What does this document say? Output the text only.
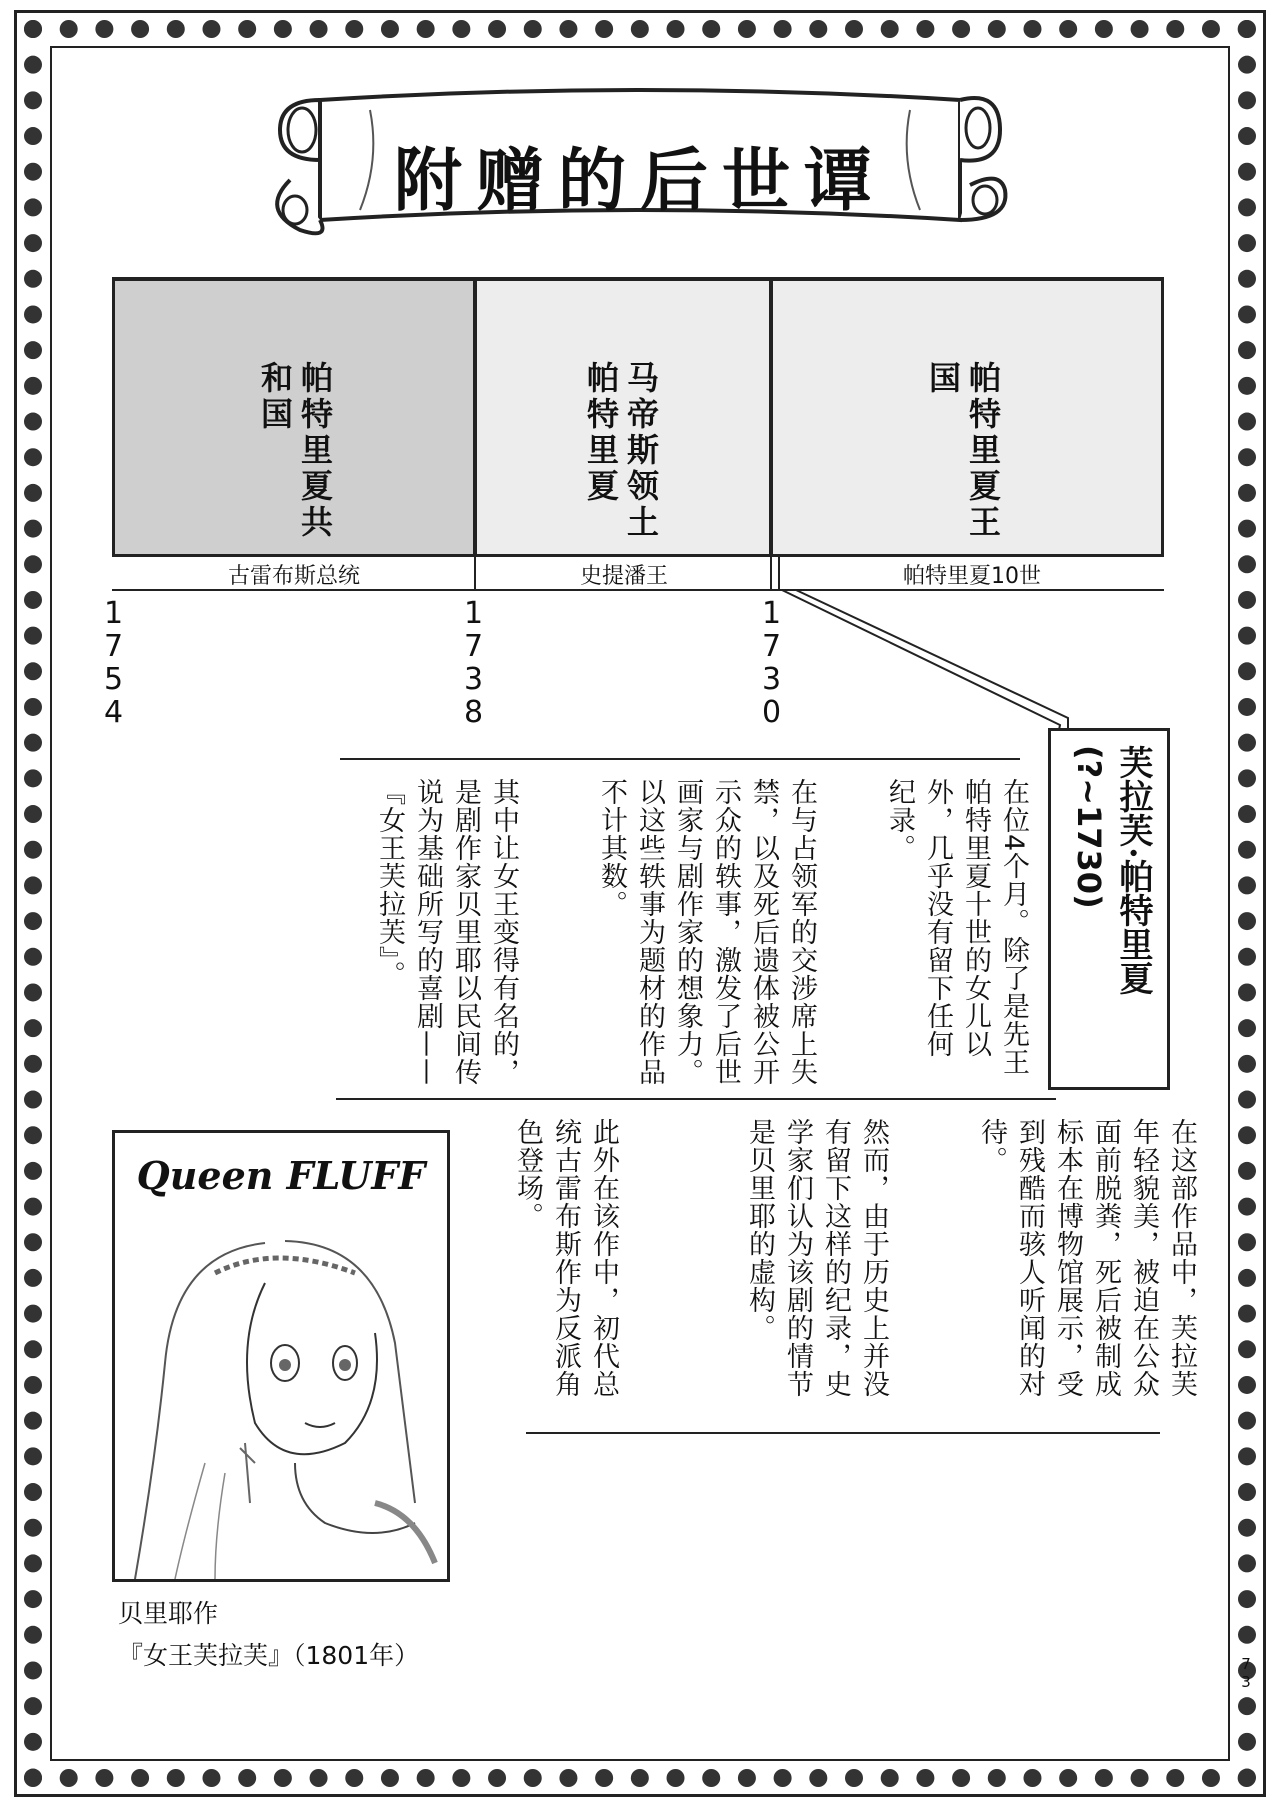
附赠的后世谭
帕特里夏共和国	马帝斯领土帕特里夏	帕特里夏王国
古雷布斯总统	史提潘王	帕特里夏10世
1754	1738	1730
芙拉芙·帕特里夏
(?~1730)
在位4个月。除了是先王帕特里夏十世的女儿以外，几乎没有留下任何纪录。
在与占领军的交涉席上失禁，以及死后遗体被公开示众的轶事，激发了后世画家与剧作家的想象力。以这些轶事为题材的作品不计其数。
其中让女王变得有名的，是剧作家贝里耶以民间传说为基础所写的喜剧——『女王芙拉芙』。
在这部作品中，芙拉芙年轻貌美，被迫在公众面前脱粪，死后被制成标本在博物馆展示，受到残酷而骇人听闻的对待。
然而，由于历史上并没有留下这样的纪录，史学家们认为该剧的情节是贝里耶的虚构。
此外在该作中，初代总统古雷布斯作为反派角色登场。
Queen FLUFF
贝里耶作
『女王芙拉芙』（1801年）	73
